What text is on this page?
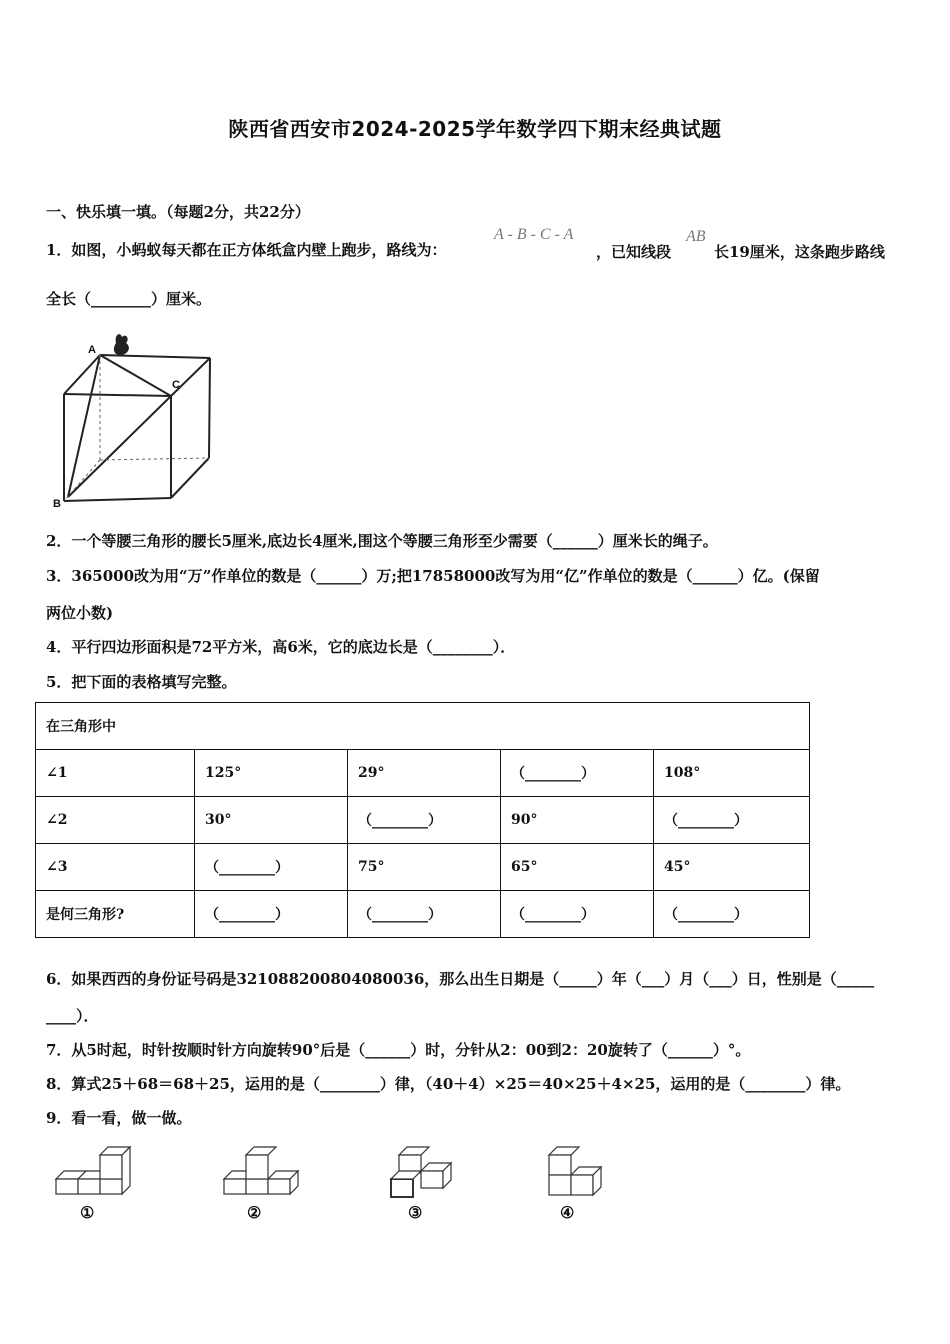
陕西省西安市2024-2025学年数学四下期末经典试题
一、快乐填一填。（每题2分，共22分）
1．如图，小蚂蚁每天都在正方体纸盒内壁上跑步，路线为：
A - B - C - A
，已知线段
AB
长19厘米，这条跑步路线
全长（________）厘米。
A
C
B
2．一个等腰三角形的腰长5厘米,底边长4厘米,围这个等腰三角形至少需要（______）厘米长的绳子。
3．365000改为用“万”作单位的数是（______）万;把17858000改写为用“亿”作单位的数是（______）亿。(保留
两位小数)
4．平行四边形面积是72平方米，高6米，它的底边长是（________）．
5．把下面的表格填写完整。
在三角形中				
∠1	125°	29°	（________）	108°
∠2	30°	（________）	90°	（________）
∠3	（________）	75°	65°	45°
是何三角形?	（________）	（________）	（________）	（________）
6．如果西西的身份证号码是321088200804080036，那么出生日期是（_____）年（___）月（___）日，性别是（_____
____）．
7．从5时起，时针按顺时针方向旋转90°后是（______）时，分针从2：00到2：20旋转了（______）°。
8．算式25＋68＝68＋25，运用的是（________）律，（40＋4）×25＝40×25＋4×25，运用的是（________）律。
9．看一看，做一做。
①	②	③	④
